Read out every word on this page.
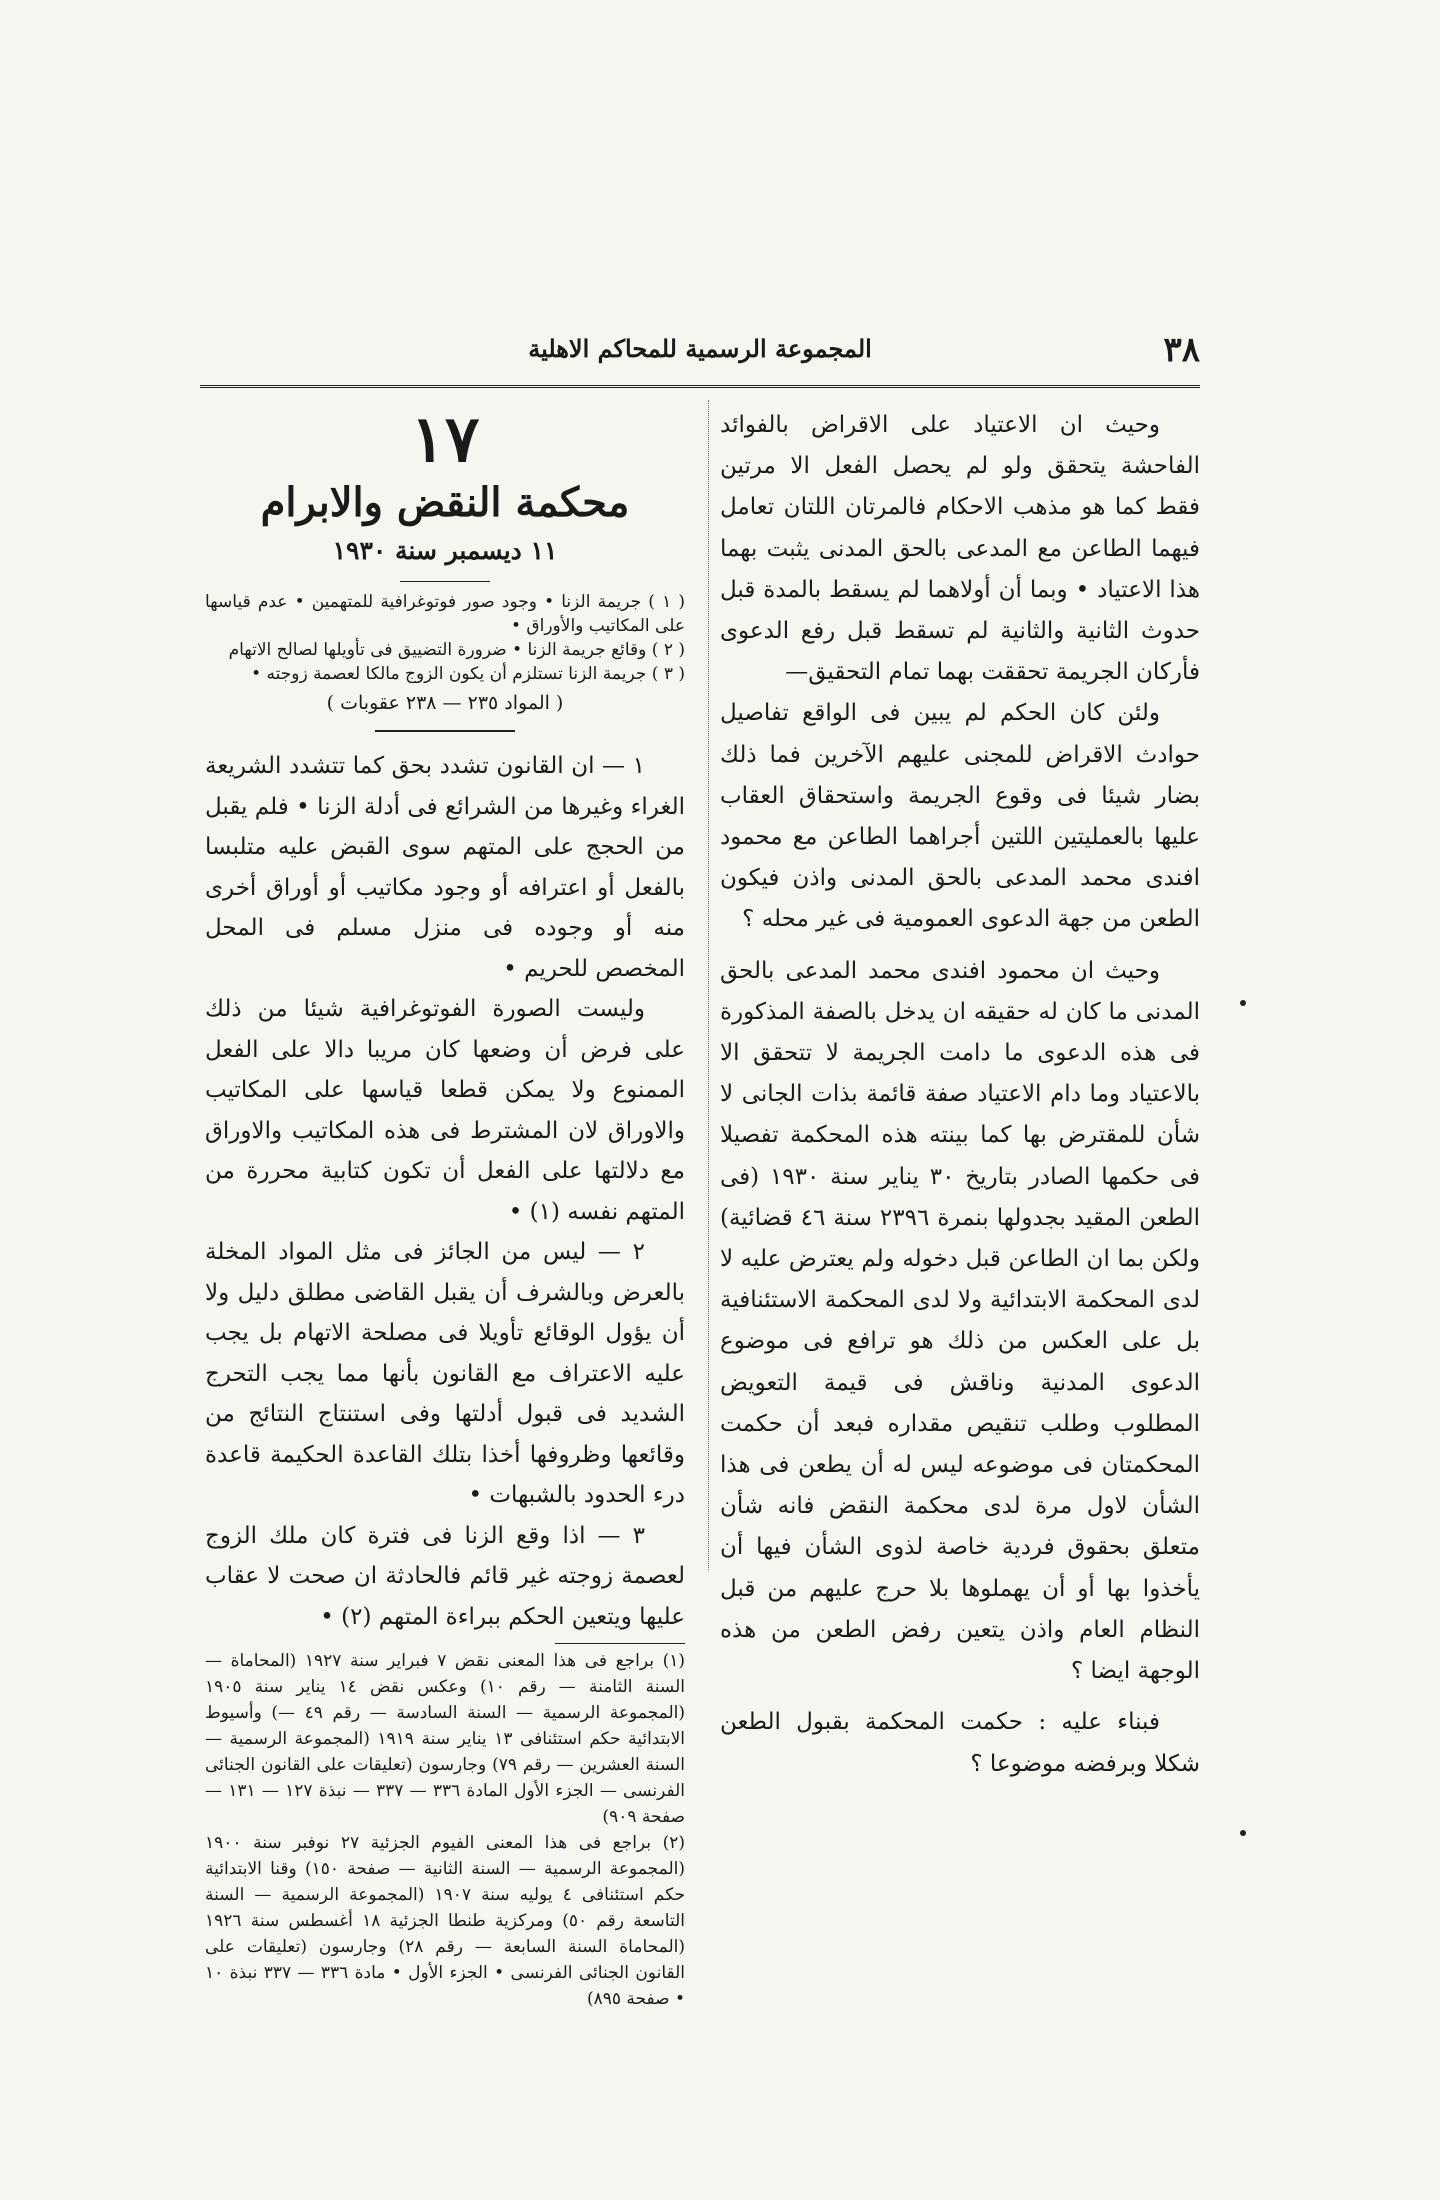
٣٨
المجموعة الرسمية للمحاكم الاهلية

وحيث ان الاعتياد على الاقراض بالفوائد الفاحشة يتحقق ولو لم يحصل الفعل الا مرتين فقط كما هو مذهب الاحكام فالمرتان اللتان تعامل فيهما الطاعن مع المدعى بالحق المدنى يثبت بهما هذا الاعتياد • وبما أن أولاهما لم يسقط بالمدة قبل حدوث الثانية والثانية لم تسقط قبل رفع الدعوى فأركان الجريمة تحققت بهما تمام التحقيق—

ولئن كان الحكم لم يبين فى الواقع تفاصيل حوادث الاقراض للمجنى عليهم الآخرين فما ذلك بضار شيئا فى وقوع الجريمة واستحقاق العقاب عليها بالعمليتين اللتين أجراهما الطاعن مع محمود افندى محمد المدعى بالحق المدنى واذن فيكون الطعن من جهة الدعوى العمومية فى غير محله ؟

وحيث ان محمود افندى محمد المدعى بالحق المدنى ما كان له حقيقه ان يدخل بالصفة المذكورة فى هذه الدعوى ما دامت الجريمة لا تتحقق الا بالاعتياد وما دام الاعتياد صفة قائمة بذات الجانى لا شأن للمقترض بها كما بينته هذه المحكمة تفصيلا فى حكمها الصادر بتاريخ ٣٠ يناير سنة ١٩٣٠ (فى الطعن المقيد بجدولها بنمرة ٢٣٩٦ سنة ٤٦ قضائية) ولكن بما ان الطاعن قبل دخوله ولم يعترض عليه لا لدى المحكمة الابتدائية ولا لدى المحكمة الاستئنافية بل على العكس من ذلك هو ترافع فى موضوع الدعوى المدنية وناقش فى قيمة التعويض المطلوب وطلب تنقيص مقداره فبعد أن حكمت المحكمتان فى موضوعه ليس له أن يطعن فى هذا الشأن لاول مرة لدى محكمة النقض فانه شأن متعلق بحقوق فردية خاصة لذوى الشأن فيها أن يأخذوا بها أو أن يهملوها بلا حرج عليهم من قبل النظام العام واذن يتعين رفض الطعن من هذه الوجهة ايضا ؟

فبناء عليه : حكمت المحكمة بقبول الطعن شكلا وبرفضه موضوعا ؟

١٧

محكمة النقض والابرام

١١ ديسمبر سنة ١٩٣٠

( ١ ) جريمة الزنا • وجود صور فوتوغرافية للمتهمين • عدم قياسها على المكاتيب والأوراق •

( ٢ ) وقائع جريمة الزنا • ضرورة التضييق فى تأويلها لصالح الاتهام

( ٣ ) جريمة الزنا تستلزم أن يكون الزوج مالكا لعصمة زوجته •

( المواد ٢٣٥ — ٢٣٨ عقوبات )

١ — ان القانون تشدد بحق كما تتشدد الشريعة الغراء وغيرها من الشرائع فى أدلة الزنا • فلم يقبل من الحجج على المتهم سوى القبض عليه متلبسا بالفعل أو اعترافه أو وجود مكاتيب أو أوراق أخرى منه أو وجوده فى منزل مسلم فى المحل المخصص للحريم •

وليست الصورة الفوتوغرافية شيئا من ذلك على فرض أن وضعها كان مريبا دالا على الفعل الممنوع ولا يمكن قطعا قياسها على المكاتيب والاوراق لان المشترط فى هذه المكاتيب والاوراق مع دلالتها على الفعل أن تكون كتابية محررة من المتهم نفسه (١) •

٢ — ليس من الجائز فى مثل المواد المخلة بالعرض وبالشرف أن يقبل القاضى مطلق دليل ولا أن يؤول الوقائع تأويلا فى مصلحة الاتهام بل يجب عليه الاعتراف مع القانون بأنها مما يجب التحرج الشديد فى قبول أدلتها وفى استنتاج النتائج من وقائعها وظروفها أخذا بتلك القاعدة الحكيمة قاعدة درء الحدود بالشبهات •

٣ — اذا وقع الزنا فى فترة كان ملك الزوج لعصمة زوجته غير قائم فالحادثة ان صحت لا عقاب عليها ويتعين الحكم ببراءة المتهم (٢) •

(١) براجع فى هذا المعنى نقض ٧ فبراير سنة ١٩٢٧ (المحاماة — السنة الثامنة — رقم ١٠) وعكس نقض ١٤ يناير سنة ١٩٠٥ (المجموعة الرسمية — السنة السادسة — رقم ٤٩ —) وأسيوط الابتدائية حكم استئنافى ١٣ يناير سنة ١٩١٩ (المجموعة الرسمية — السنة العشرين — رقم ٧٩) وجارسون (تعليقات على القانون الجنائى الفرنسى — الجزء الأول المادة ٣٣٦ — ٣٣٧ — نبذة ١٢٧ — ١٣١ — صفحة ٩٠٩)

(٢) براجع فى هذا المعنى الفيوم الجزئية ٢٧ نوفبر سنة ١٩٠٠ (المجموعة الرسمية — السنة الثانية — صفحة ١٥٠) وقنا الابتدائية حكم استئنافى ٤ يوليه سنة ١٩٠٧ (المجموعة الرسمية — السنة التاسعة رقم ٥٠) ومركزية طنطا الجزئية ١٨ أغسطس سنة ١٩٢٦ (المحاماة السنة السابعة — رقم ٢٨) وجارسون (تعليقات على القانون الجنائى الفرنسى • الجزء الأول • مادة ٣٣٦ — ٣٣٧ نبذة ١٠ • صفحة ٨٩٥)
